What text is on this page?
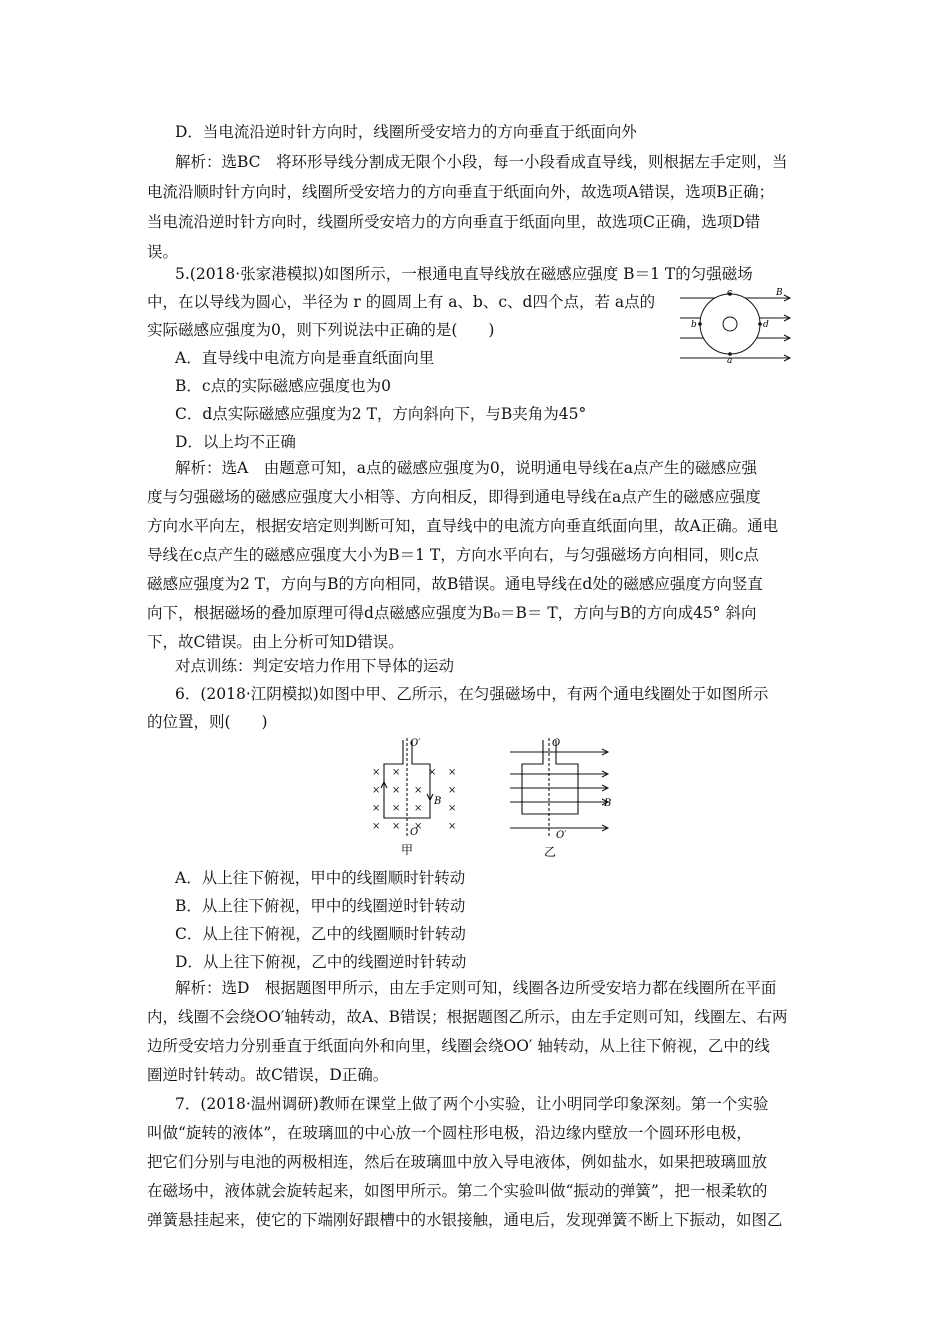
D．当电流沿逆时针方向时，线圈所受安培力的方向垂直于纸面向外
解析：选BC　将环形导线分割成无限个小段，每一小段看成直导线，则根据左手定则，当
电流沿顺时针方向时，线圈所受安培力的方向垂直于纸面向外，故选项A错误，选项B正确；
当电流沿逆时针方向时，线圈所受安培力的方向垂直于纸面向里，故选项C正确，选项D错
误。
5.(2018·张家港模拟)如图所示，一根通电直导线放在磁感应强度 B＝1 T的匀强磁场
中，在以导线为圆心，半径为 r 的圆周上有 a、b、c、d四个点，若 a点的
实际磁感应强度为0，则下列说法中正确的是(　　)
c
b	d
a
B
A．直导线中电流方向是垂直纸面向里
B．c点的实际磁感应强度也为0
C．d点实际磁感应强度为2 T，方向斜向下，与B夹角为45°
D．以上均不正确
解析：选A　由题意可知，a点的磁感应强度为0，说明通电导线在a点产生的磁感应强
度与匀强磁场的磁感应强度大小相等、方向相反，即得到通电导线在a点产生的磁感应强度
方向水平向左，根据安培定则判断可知，直导线中的电流方向垂直纸面向里，故A正确。通电
导线在c点产生的磁感应强度大小为B＝1 T，方向水平向右，与匀强磁场方向相同，则c点
磁感应强度为2 T，方向与B的方向相同，故B错误。通电导线在d处的磁感应强度方向竖直
向下，根据磁场的叠加原理可得d点磁感应强度为B₀＝B＝ T，方向与B的方向成45° 斜向
下，故C错误。由上分析可知D错误。
对点训练：判定安培力作用下导体的运动
6．(2018·江阴模拟)如图中甲、乙所示，在匀强磁场中，有两个通电线圈处于如图所示
的位置，则(　　)
× ×	× ×
× × ×	×
× × ×	×
× × ×	×
O′
B
O
甲
O
B
O′
乙
A．从上往下俯视，甲中的线圈顺时针转动
B．从上往下俯视，甲中的线圈逆时针转动
C．从上往下俯视，乙中的线圈顺时针转动
D．从上往下俯视，乙中的线圈逆时针转动
解析：选D　根据题图甲所示，由左手定则可知，线圈各边所受安培力都在线圈所在平面
内，线圈不会绕OO′轴转动，故A、B错误；根据题图乙所示，由左手定则可知，线圈左、右两
边所受安培力分别垂直于纸面向外和向里，线圈会绕OO′ 轴转动，从上往下俯视，乙中的线
圈逆时针转动。故C错误，D正确。
7．(2018·温州调研)教师在课堂上做了两个小实验，让小明同学印象深刻。第一个实验
叫做“旋转的液体”，在玻璃皿的中心放一个圆柱形电极，沿边缘内壁放一个圆环形电极，
把它们分别与电池的两极相连，然后在玻璃皿中放入导电液体，例如盐水，如果把玻璃皿放
在磁场中，液体就会旋转起来，如图甲所示。第二个实验叫做“振动的弹簧”，把一根柔软的
弹簧悬挂起来，使它的下端刚好跟槽中的水银接触，通电后，发现弹簧不断上下振动，如图乙
